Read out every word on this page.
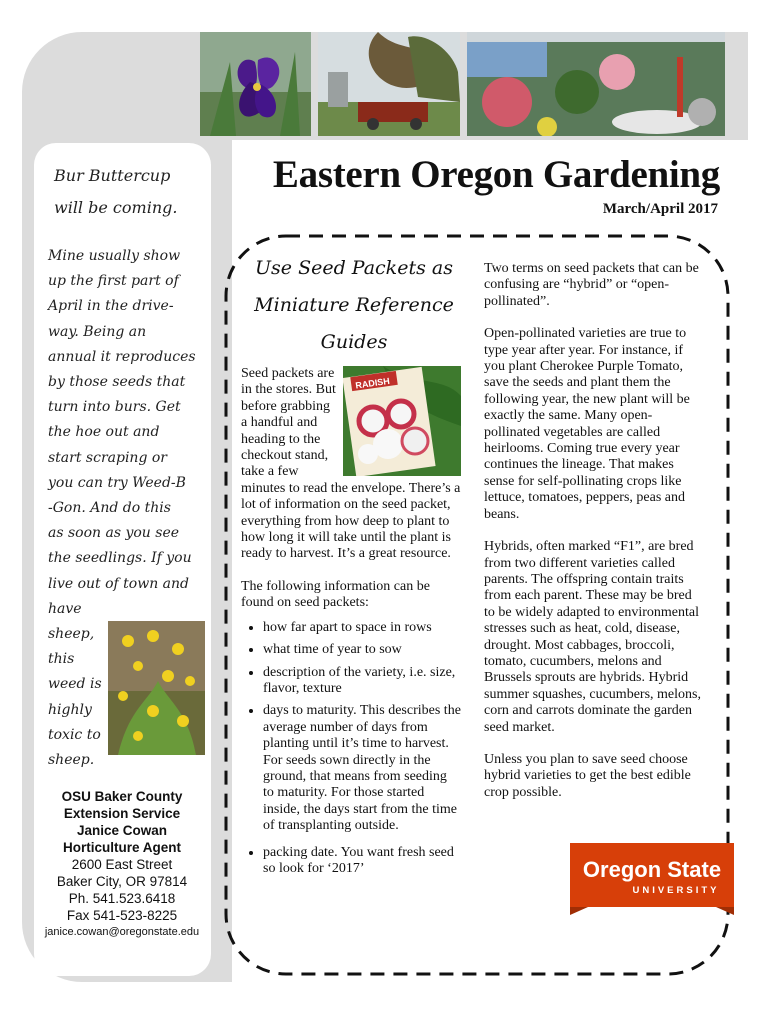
Bur Buttercup will be coming.
Mine usually show
up the first part of
April in the drive-
way. Being an
annual it reproduces
by those seeds that
turn into burs. Get
the hoe out and
start scraping or
you can try Weed-B
-Gon. And do this
as soon as you see
the seedlings. If you
live out of town and
have
sheep,
this
weed is
highly
toxic to
sheep.
OSU Baker County
Extension Service
Janice Cowan
Horticulture Agent
2600 East Street
Baker City, OR 97814
Ph. 541.523.6418
Fax 541-523-8225
janice.cowan@oregonstate.edu
Eastern Oregon Gardening
March/April 2017
Use Seed Packets as
Miniature Reference
Guides
RADISH

Seed packets are in the stores. But before grabbing a handful and heading to the checkout stand, take a few minutes to read the envelope. There’s a lot of information on the seed packet, everything from how deep to plant to how long it will take until the plant is ready to harvest. It’s a great resource.

The following information can be found on seed packets:

• how far apart to space in rows
• what time of year to sow
• description of the variety, i.e. size, flavor, texture
• days to maturity. This describes the average number of days from planting until it’s time to harvest. For seeds sown directly in the ground, that means from seeding to maturity. For those started inside, the days start from the time of transplanting outside.
• packing date. You want fresh seed so look for ‘2017’

Two terms on seed packets that can be confusing are “hybrid” or “open-pollinated”.

Open-pollinated varieties are true to type year after year. For instance, if you plant Cherokee Purple Tomato, save the seeds and plant them the following year, the new plant will be exactly the same. Many open-pollinated vegetables are called heirlooms. Coming true every year continues the lineage. That makes sense for self-pollinating crops like lettuce, tomatoes, peppers, peas and beans.

Hybrids, often marked “F1”, are bred from two different varieties called parents. The offspring contain traits from each parent. These may be bred to be widely adapted to environmental stresses such as heat, cold, disease, drought. Most cabbages, broccoli, tomato, cucumbers, melons and Brussels sprouts are hybrids. Hybrid summer squashes, cucumbers, melons, corn and carrots dominate the garden seed market.

Unless you plan to save seed choose hybrid varieties to get the best edible crop possible.

Oregon State
UNIVERSITY
